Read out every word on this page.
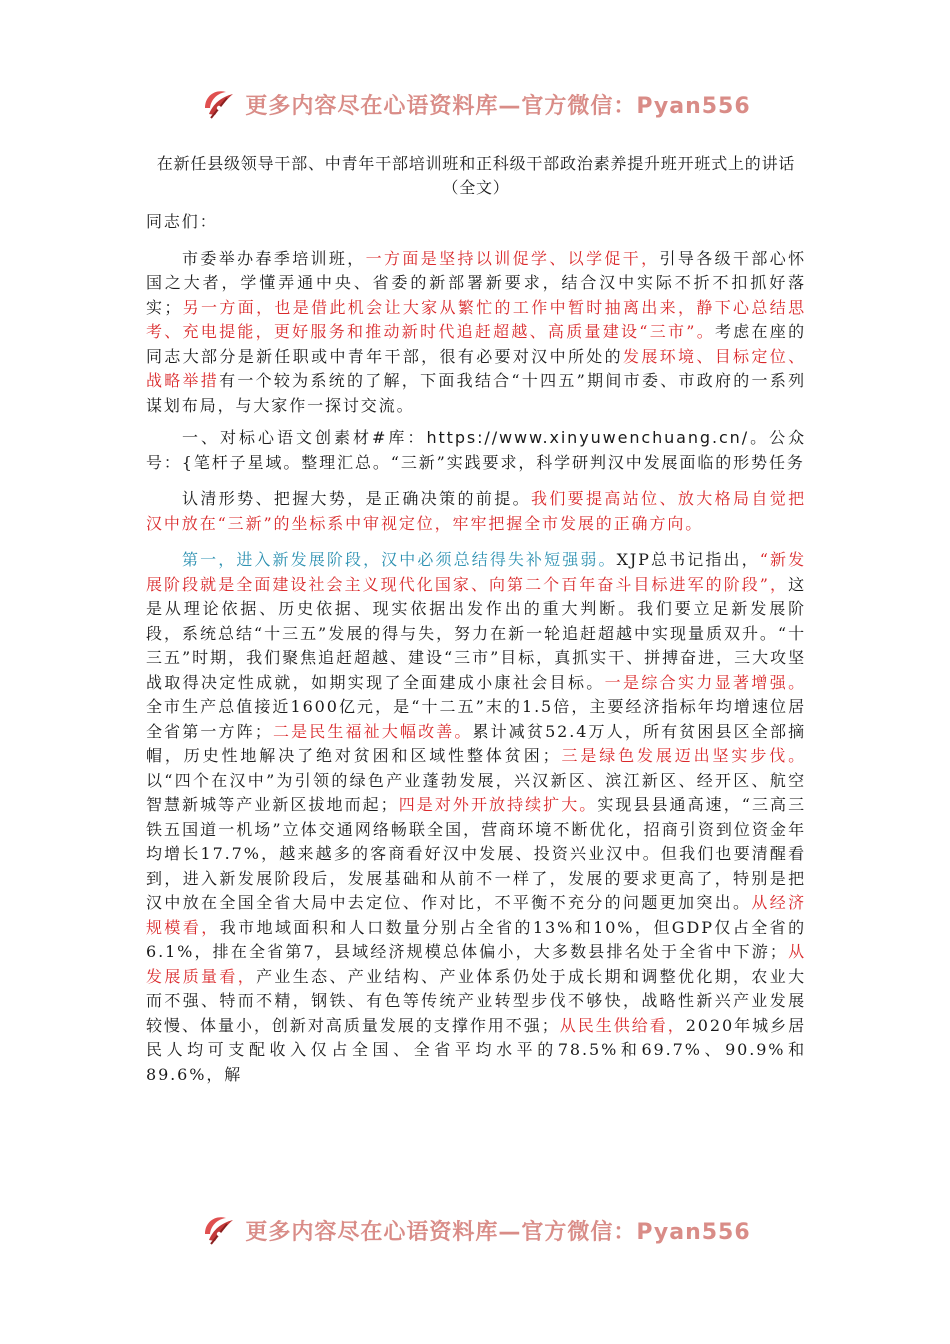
更多内容尽在心语资料库—官方微信：Pyan556
在新任县级领导干部、中青年干部培训班和正科级干部政治素养提升班开班式上的讲话（全文）

同志们：

市委举办春季培训班，一方面是坚持以训促学、以学促干，引导各级干部心怀国之大者，学懂弄通中央、省委的新部署新要求，结合汉中实际不折不扣抓好落实；另一方面，也是借此机会让大家从繁忙的工作中暂时抽离出来，静下心总结思考、充电提能，更好服务和推动新时代追赶超越、高质量建设“三市”。考虑在座的同志大部分是新任职或中青年干部，很有必要对汉中所处的发展环境、目标定位、战略举措有一个较为系统的了解，下面我结合“十四五”期间市委、市政府的一系列谋划布局，与大家作一探讨交流。

一、对标心语文创素材#库：https://www.xinyuwenchuang.cn/。公众号：{笔杆子星域。整理汇总。“三新”实践要求，科学研判汉中发展面临的形势任务

认清形势、把握大势，是正确决策的前提。我们要提高站位、放大格局自觉把汉中放在“三新”的坐标系中审视定位，牢牢把握全市发展的正确方向。

第一，进入新发展阶段，汉中必须总结得失补短强弱。XJP总书记指出，“新发展阶段就是全面建设社会主义现代化国家、向第二个百年奋斗目标进军的阶段”，这是从理论依据、历史依据、现实依据出发作出的重大判断。我们要立足新发展阶段，系统总结“十三五”发展的得与失，努力在新一轮追赶超越中实现量质双升。“十三五”时期，我们聚焦追赶超越、建设“三市”目标，真抓实干、拼搏奋进，三大攻坚战取得决定性成就，如期实现了全面建成小康社会目标。一是综合实力显著增强。全市生产总值接近1600亿元，是“十二五”末的1.5倍，主要经济指标年均增速位居全省第一方阵；二是民生福祉大幅改善。累计减贫52.4万人，所有贫困县区全部摘帽，历史性地解决了绝对贫困和区域性整体贫困；三是绿色发展迈出坚实步伐。以“四个在汉中”为引领的绿色产业蓬勃发展，兴汉新区、滨江新区、经开区、航空智慧新城等产业新区拔地而起；四是对外开放持续扩大。实现县县通高速，“三高三铁五国道一机场”立体交通网络畅联全国，营商环境不断优化，招商引资到位资金年均增长17.7%，越来越多的客商看好汉中发展、投资兴业汉中。但我们也要清醒看到，进入新发展阶段后，发展基础和从前不一样了，发展的要求更高了，特别是把汉中放在全国全省大局中去定位、作对比，不平衡不充分的问题更加突出。从经济规模看，我市地域面积和人口数量分别占全省的13%和10%，但GDP仅占全省的6.1%，排在全省第7，县域经济规模总体偏小，大多数县排名处于全省中下游；从发展质量看，产业生态、产业结构、产业体系仍处于成长期和调整优化期，农业大而不强、特而不精，钢铁、有色等传统产业转型步伐不够快，战略性新兴产业发展较慢、体量小，创新对高质量发展的支撑作用不强；从民生供给看，2020年城乡居民人均可支配收入仅占全国、全省平均水平的78.5%和69.7%、90.9%和89.6%，解

更多内容尽在心语资料库—官方微信：Pyan556
